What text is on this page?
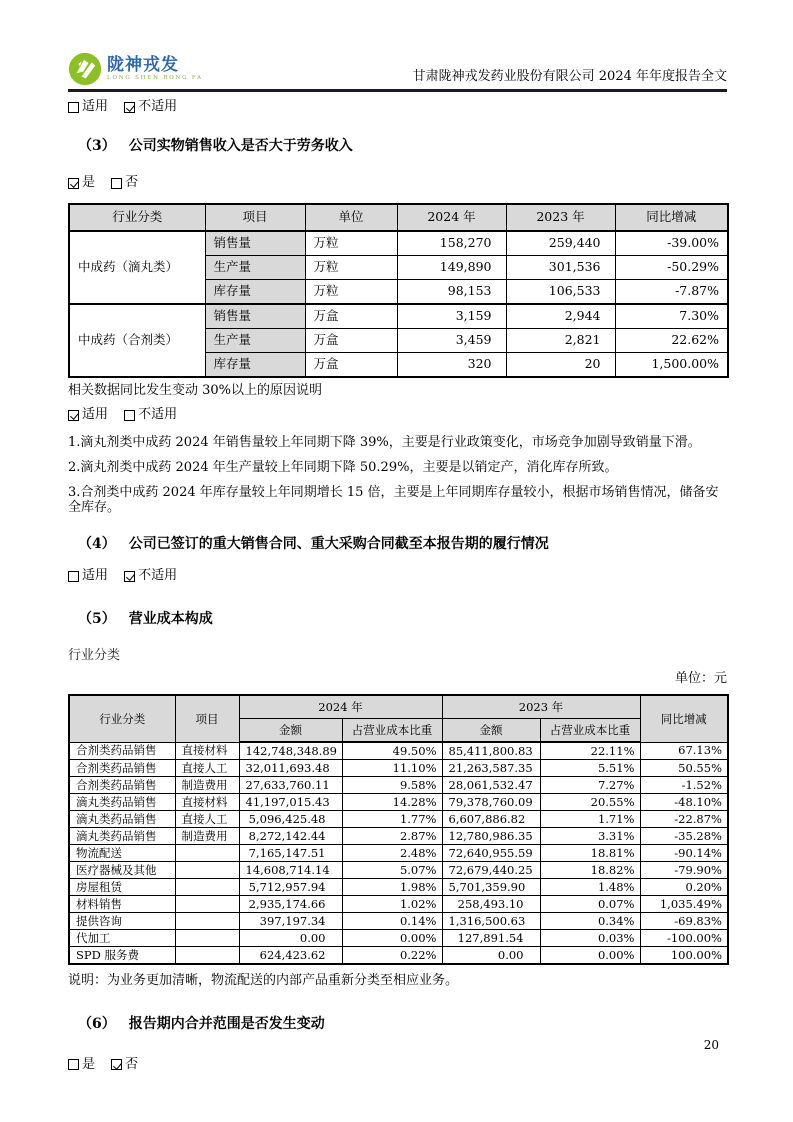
陇神戎发
LONG SHEN RONG FA	甘肃陇神戎发药业股份有限公司 2024 年年度报告全文
适用
不适用
（3） 公司实物销售收入是否大于劳务收入
是
否
行业分类	项目	单位	2024 年	2023 年	同比增减
中成药（滴丸类）	销售量	万粒	158,270	259,440	-39.00%
	生产量	万粒	149,890	301,536	-50.29%
	库存量	万粒	98,153	106,533	-7.87%
中成药（合剂类）	销售量	万盒	3,159	2,944	7.30%
	生产量	万盒	3,459	2,821	22.62%
	库存量	万盒	320	20	1,500.00%
相关数据同比发生变动 30%以上的原因说明
适用
不适用
1.滴丸剂类中成药 2024 年销售量较上年同期下降 39%，主要是行业政策变化，市场竞争加剧导致销量下滑。
2.滴丸剂类中成药 2024 年生产量较上年同期下降 50.29%，主要是以销定产，消化库存所致。
3.合剂类中成药 2024 年库存量较上年同期增长 15 倍，主要是上年同期库存量较小，根据市场销售情况，储备安全库存。
（4） 公司已签订的重大销售合同、重大采购合同截至本报告期的履行情况
适用
不适用
（5） 营业成本构成
行业分类
单位：元
行业分类	项目	2024 年		2023 年		同比增减
		金额	占营业成本比重	金额	占营业成本比重	
合剂类药品销售	直接材料	142,748,348.89	49.50%	85,411,800.83	22.11%	67.13%
合剂类药品销售	直接人工	32,011,693.48	11.10%	21,263,587.35	5.51%	50.55%
合剂类药品销售	制造费用	27,633,760.11	9.58%	28,061,532.47	7.27%	-1.52%
滴丸类药品销售	直接材料	41,197,015.43	14.28%	79,378,760.09	20.55%	-48.10%
滴丸类药品销售	直接人工	5,096,425.48	1.77%	6,607,886.82	1.71%	-22.87%
滴丸类药品销售	制造费用	8,272,142.44	2.87%	12,780,986.35	3.31%	-35.28%
物流配送		7,165,147.51	2.48%	72,640,955.59	18.81%	-90.14%
医疗器械及其他		14,608,714.14	5.07%	72,679,440.25	18.82%	-79.90%
房屋租赁		5,712,957.94	1.98%	5,701,359.90	1.48%	0.20%
材料销售		2,935,174.66	1.02%	258,493.10	0.07%	1,035.49%
提供咨询		397,197.34	0.14%	1,316,500.63	0.34%	-69.83%
代加工		0.00	0.00%	127,891.54	0.03%	-100.00%
SPD 服务费		624,423.62	0.22%	0.00	0.00%	100.00%
说明：为业务更加清晰，物流配送的内部产品重新分类至相应业务。
（6） 报告期内合并范围是否发生变动
是
否
20
